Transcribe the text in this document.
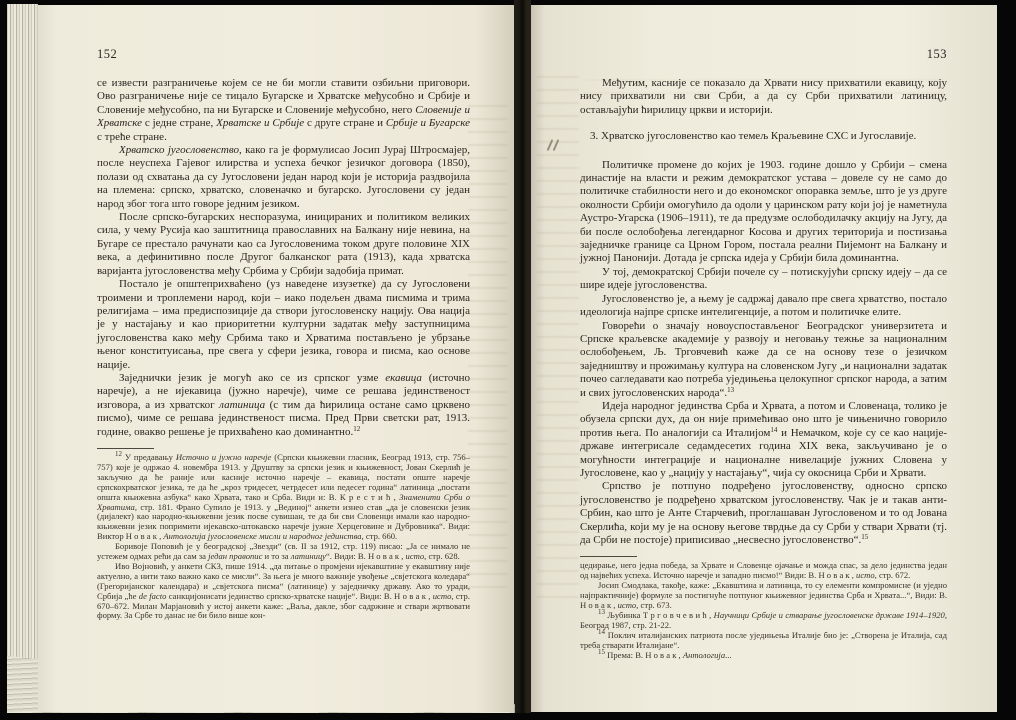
152

се извести разграничење којем се не би могли ставити озбиљни приговори. Ово разграничење није се тицало Бугарске и Хрватске међусобно и Србије и Словеније међусобно, па ни Бугарске и Словеније међусобно, него Словеније и Хрватске с једне стране, Хрватске и Србије с друге стране и Србије и Бугарске с треће стране.

Хрватско југословенство, како га је формулисао Јосип Јурај Штросмајер, после неуспеха Гајевог илирства и успеха бечког језичког договора (1850), полази од схватања да су Југословени један народ који је историја раздвојила на племена: српско, хрватско, словеначко и бугарско. Југословени су један народ због тога што говоре једним језиком.

После српско-бугарских неспоразума, иницираних и политиком великих сила, у чему Русија као заштитница православних на Балкану није невина, на Бугаре се престало рачунати као са Југословенима током друге половине XIX века, а дефинитивно после Другог балканског рата (1913), када хрватска варијанта југословенства међу Србима у Србији задобија примат.

Постало је општеприхваћено (уз наведене изузетке) да су Југословени троимени и троплемени народ, који – иако подељен двама писмима и трима религијама – има предиспозиције да створи југословенску нацију. Ова нација је у настајању и као приоритетни културни задатак међу заступницима југословенства како међу Србима тако и Хрватима постављено је убрзање њеног конституисања, пре свега у сфери језика, говора и писма, као основе нације.

Заједнички језик је могућ ако се из српског узме екавица (источно наречје), а не ијекавица (јужно наречје), чиме се решава јединственост изговора, а из хрватског латиница (с тим да ћирилица остане само црквено писмо), чиме се решава јединственост писма. Пред Први светски рат, 1913. године, овакво решење је прихваћено као доминантно.$^{12}$

$^{12}$ У предавању Источно и јужно наречје (Српски књижевни гласник, Београд 1913, стр. 756–757) које је одржао 4. новембра 1913. у Друштву за српски језик и књижевност, Јован Скерлић је закључио да ће раније или касније источно наречје – екавица, постати опште наречје српскохрватског језика, те да ће „кроз тридесет, четрдесет или педесет година“ латиница „постати општа књижевна азбука“ како Хрвата, тако и Срба. Види и: В. К р е с т и ћ , Знаменити Срби о Хрватима, стр. 181. Франо Супило је 1913. у „Вединој“ анкети изнео став „да је словенски језик (дијалект) као народно-књижевни језик посве сувишан, те да би сви Словенци имали као народно-књижевни језик попримити ијекавско-штокавско наречје јужне Херцеговине и Дубровника“. Види: Виктор Н о в а к , Антологија југословенске мисли и народног јединства, стр. 660.

Боривоје Поповић је у београдској „Звезди“ (св. II за 1912, стр. 119) писао: „Ја се нимало не устежем одмах рећи да сам за један правопис и то за латиницу“. Види: В. Н о в а к , исто, стр. 628.

Иво Војновић, у анкети СКЗ, пише 1914. „да питање о промјени ијекавштине у екавштину није актуелно, а нити тако важно како се мисли“. За њега је много важније увођење „свјетскога коледара“ (Грегоријанског календара) и „свјетскога писма“ (латинице) у заједничку државу. Ако то уради, Србија „ће de facto санкцијонисати јединство српско-хрватске нације“. Види: В. Н о в а к , исто, стр. 670–672. Милан Марјановић у истој анкети каже: „Ваља, дакле, због садржине и ствари жртвовати форму. За Србе то данас не би било више кон-

153

Међутим, касније се показало да Хрвати нису прихватили екавицу, коју нису прихватили ни сви Срби, а да су Срби прихватили латиницу, остављајући ћирилицу цркви и историји.

3. Хрватско југословенство као темељ Краљевине СХС и Југославије.

Политичке промене до којих је 1903. године дошло у Србији – смена династије на власти и режим демократског устава – довеле су не само до политичке стабилности него и до економског опоравка земље, што је уз друге околности Србији омогућило да одоли у царинском рату који јој је наметнула Аустро-Угарска (1906–1911), те да предузме ослободилачку акцију на Југу, да би после ослобођења легендарног Косова и других територија и постизања заједничке границе са Црном Гором, постала реални Пијемонт на Балкану и јужној Панонији. Дотада је српска идеја у Србији била доминантна.

У тој, демократској Србији почеле су – потискујући српску идеју – да се шире идеје југословенства.

Југословенство је, а њему је садржај давало пре свега хрватство, постало идеологија најпре српске интелигенције, а потом и политичке елите.

Говорећи о значају новоуспостављеног Београдског универзитета и Српске краљевске академије у развоју и неговању тежње за националним ослобођењем, Љ. Трговчевић каже да се на основу тезе о језичком заједништву и прожимању култура на словенском Југу „и национални задатак почео сагледавати као потреба уједињења целокупног српског народа, а затим и свих југословенских народа“.$^{13}$

Идеја народног јединства Срба и Хрвата, а потом и Словенаца, толико је обузела српски дух, да он није примећивао оно што је чињенично говорило против њега. По аналогији са Италијом$^{14}$ и Немачком, које су се као нације-државе интегрисале седамдесетих година XIX века, закључивано је о могућности интеграције и националне нивелације јужних Словена у Југословене, као у „нацију у настајању“, чија су окосница Срби и Хрвати.

Српство је потпуно подређено југословенству, односно српско југословенство је подређено хрватском југословенству. Чак је и такав анти-Србин, као што је Анте Старчевић, проглашаван Југословеном и то од Јована Скерлића, који му је на основу његове тврдње да су Срби у ствари Хрвати (тј. да Срби не постоје) приписивао „несвесно југословенство“.$^{15}$

цедирање, него једна победа, за Хрвате и Словенце ојачање и можда спас, за дело јединства један од највећих успеха. Источно наречје и западно писмо!“ Види: В. Н о в а к , исто, стр. 672.

Јосип Смодлака, такође, каже: „Екавштина и латиница, то су елементи компромисне (и уједно најпрактичније) формуле за постигнуће потпуног књижевног јединства Срба и Хрвата...“, Види: В. Н о в а к , исто, стр. 673.

$^{13}$ Љубинка Т р г о в ч е в и ћ , Научници Србије и стварање југословенске државе 1914–1920, Београд 1987, стр. 21-22.

$^{14}$ Поклич италијанских патриота после уједињења Италије био је: „Створена је Италија, сад треба стварати Италијане“.

$^{15}$ Према: В. Н о в а к , Антологија...
